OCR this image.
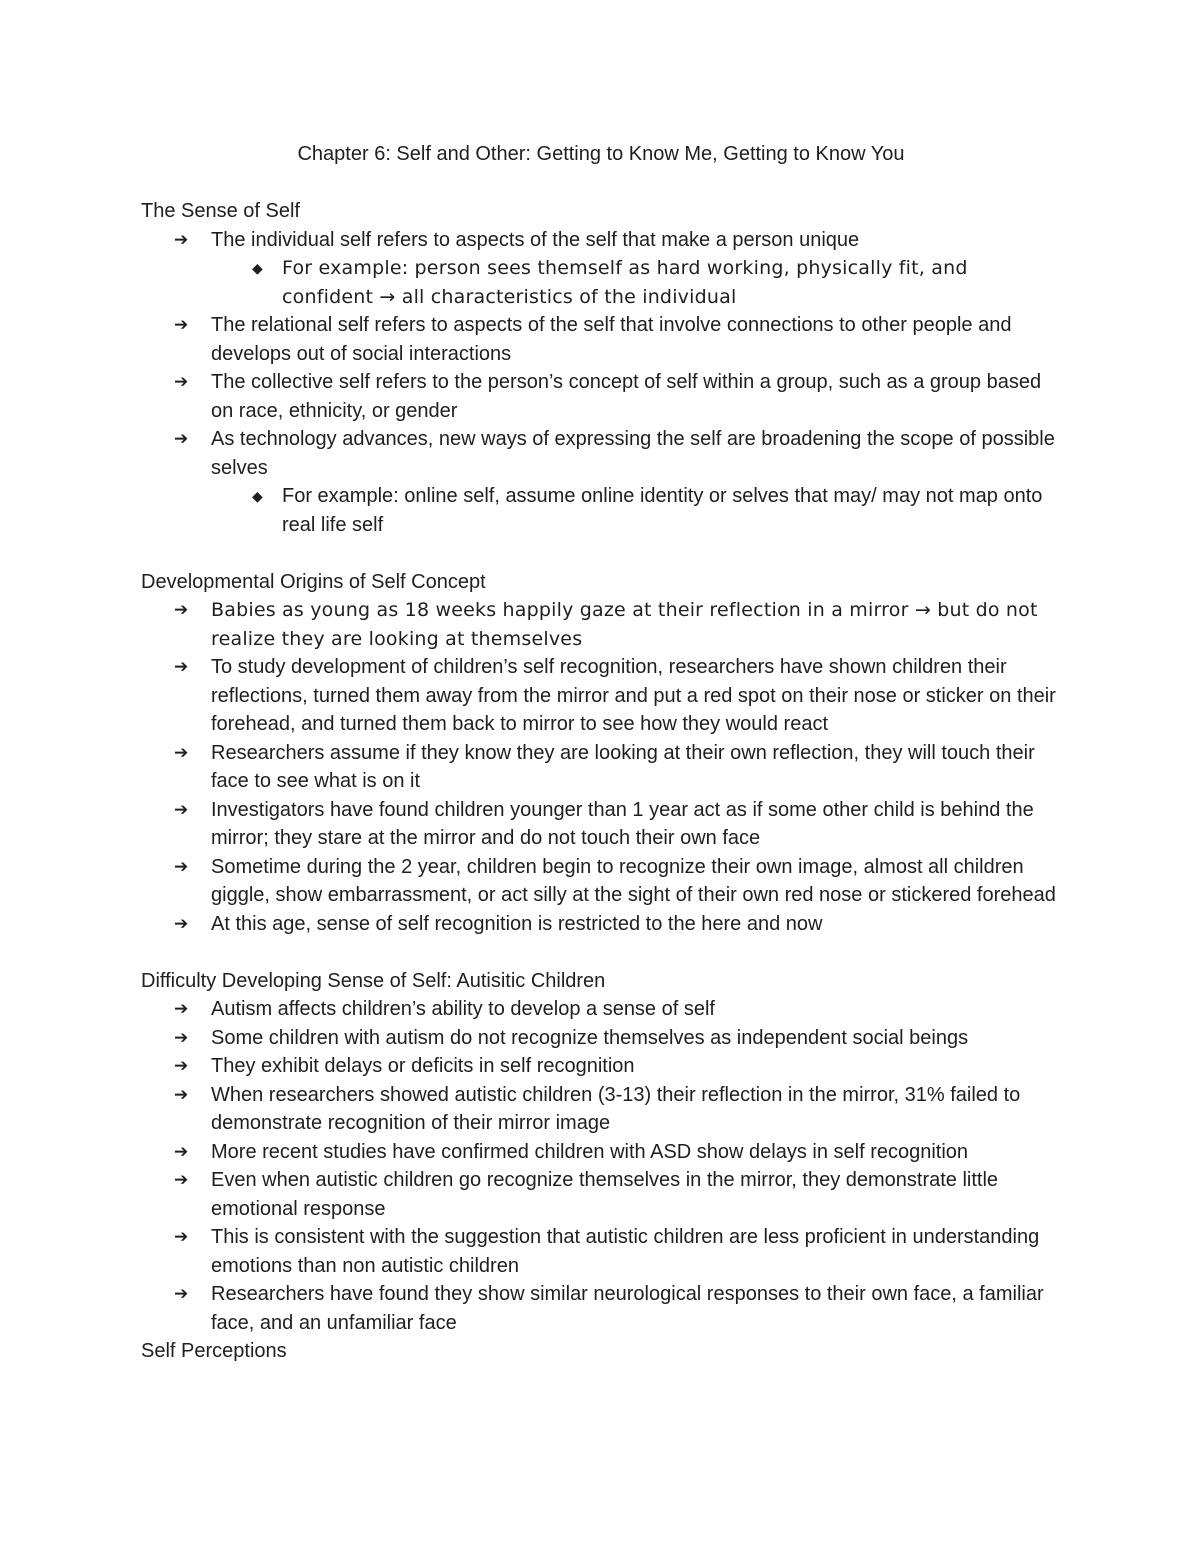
Chapter 6: Self and Other: Getting to Know Me, Getting to Know You
The Sense of Self
➔ The individual self refers to aspects of the self that make a person unique
◆ For example: person sees themself as hard working, physically fit, and confident → all characteristics of the individual
➔ The relational self refers to aspects of the self that involve connections to other people and develops out of social interactions
➔ The collective self refers to the person’s concept of self within a group, such as a group based on race, ethnicity, or gender
➔ As technology advances, new ways of expressing the self are broadening the scope of possible selves
◆ For example: online self, assume online identity or selves that may/ may not map onto real life self
Developmental Origins of Self Concept
➔ Babies as young as 18 weeks happily gaze at their reflection in a mirror → but do not realize they are looking at themselves
➔ To study development of children’s self recognition, researchers have shown children their reflections, turned them away from the mirror and put a red spot on their nose or sticker on their forehead, and turned them back to mirror to see how they would react
➔ Researchers assume if they know they are looking at their own reflection, they will touch their face to see what is on it
➔ Investigators have found children younger than 1 year act as if some other child is behind the mirror; they stare at the mirror and do not touch their own face
➔ Sometime during the 2 year, children begin to recognize their own image, almost all children giggle, show embarrassment, or act silly at the sight of their own red nose or stickered forehead
➔ At this age, sense of self recognition is restricted to the here and now
Difficulty Developing Sense of Self: Autisitic Children
➔ Autism affects children’s ability to develop a sense of self
➔ Some children with autism do not recognize themselves as independent social beings
➔ They exhibit delays or deficits in self recognition
➔ When researchers showed autistic children (3-13) their reflection in the mirror, 31% failed to demonstrate recognition of their mirror image
➔ More recent studies have confirmed children with ASD show delays in self recognition
➔ Even when autistic children go recognize themselves in the mirror, they demonstrate little emotional response
➔ This is consistent with the suggestion that autistic children are less proficient in understanding emotions than non autistic children
➔ Researchers have found they show similar neurological responses to their own face, a familiar face, and an unfamiliar face
Self Perceptions
